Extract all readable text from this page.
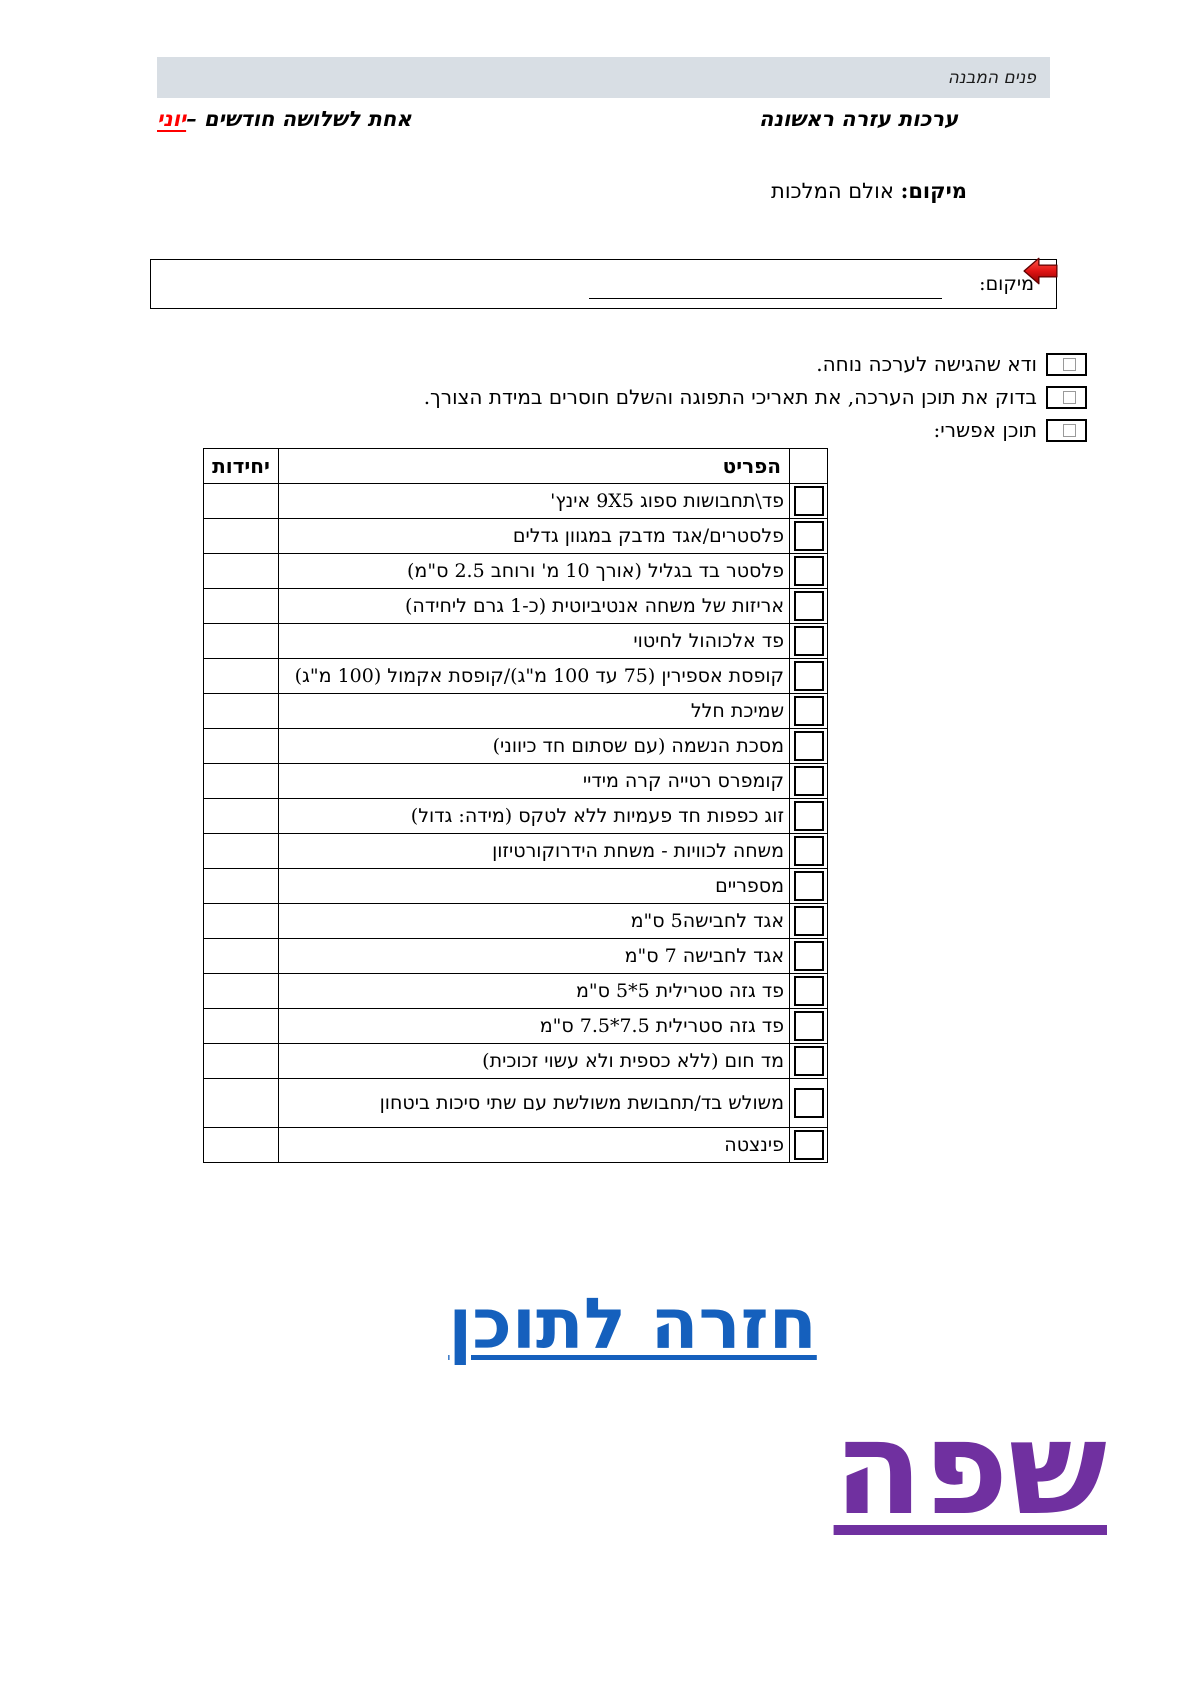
פנים המבנה
ערכות עזרה ראשונה
אחת לשלושה חודשים –יוני
מיקום: אולם המלכות
מיקום:
ודא שהגישה לערכה נוחה.
בדוק את תוכן הערכה, את תאריכי התפוגה והשלם חוסרים במידת הצורך.
תוכן אפשרי:
	הפריט	יחידות

	פד\תחבושות ספוג 9X5 אינץ'	

	פלסטרים/אגד מדבק במגוון גדלים	

	פלסטר בד בגליל (אורך 10 מ' ורוחב 2.5 ס"מ)	

	אריזות של משחה אנטיביוטית (כ-1 גרם ליחידה)	

	פד אלכוהול לחיטוי	

	קופסת אספירין (75 עד 100 מ"ג)/קופסת אקמול (100 מ"ג)	

	שמיכת חלל	

	מסכת הנשמה (עם שסתום חד כיווני)	

	קומפרס רטייה קרה מידיי	

	זוג כפפות חד פעמיות ללא לטקס (מידה: גדול)	

	משחה לכוויות - משחת הידרוקורטיזון	

	מספריים	

	אגד לחבישה5 ס"מ	

	אגד לחבישה 7 ס"מ	

	פד גזה סטרילית 5*5 ס"מ	

	פד גזה סטרילית 7.5*7.5 ס"מ	

	מד חום (ללא כספית ולא עשוי זכוכית)	

	משולש בד/תחבושת משולשת עם שתי סיכות ביטחון	

	פינצטה	
חזרה לתוכן
שפה
